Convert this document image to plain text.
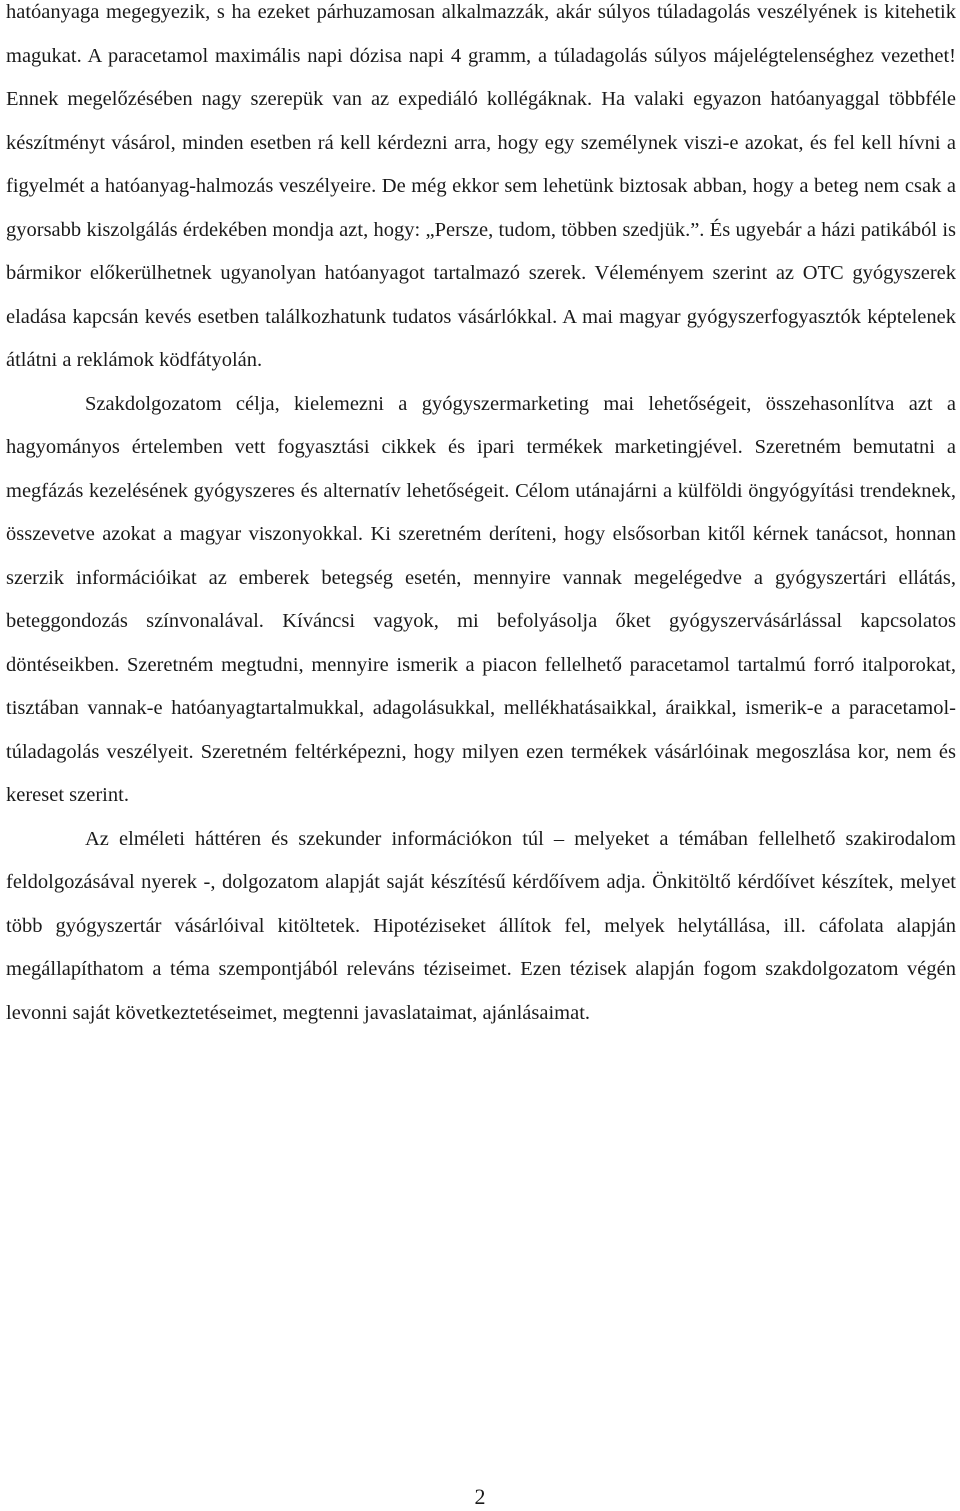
hatóanyaga megegyezik, s ha ezeket párhuzamosan alkalmazzák, akár súlyos túladagolás veszélyének is kitehetik magukat. A paracetamol maximális napi dózisa napi 4 gramm, a túladagolás súlyos májelégtelenséghez vezethet! Ennek megelőzésében nagy szerepük van az expediáló kollégáknak. Ha valaki egyazon hatóanyaggal többféle készítményt vásárol, minden esetben rá kell kérdezni arra, hogy egy személynek viszi-e azokat, és fel kell hívni a figyelmét a hatóanyag-halmozás veszélyeire. De még ekkor sem lehetünk biztosak abban, hogy a beteg nem csak a gyorsabb kiszolgálás érdekében mondja azt, hogy: „Persze, tudom, többen szedjük.”. És ugyebár a házi patikából is bármikor előkerülhetnek ugyanolyan hatóanyagot tartalmazó szerek. Véleményem szerint az OTC gyógyszerek eladása kapcsán kevés esetben találkozhatunk tudatos vásárlókkal. A mai magyar gyógyszerfogyasztók képtelenek átlátni a reklámok ködfátyolán.

Szakdolgozatom célja, kielemezni a gyógyszermarketing mai lehetőségeit, összehasonlítva azt a hagyományos értelemben vett fogyasztási cikkek és ipari termékek marketingjével. Szeretném bemutatni a megfázás kezelésének gyógyszeres és alternatív lehetőségeit. Célom utánajárni a külföldi öngyógyítási trendeknek, összevetve azokat a magyar viszonyokkal. Ki szeretném deríteni, hogy elsősorban kitől kérnek tanácsot, honnan szerzik információikat az emberek betegség esetén, mennyire vannak megelégedve a gyógyszertári ellátás, beteggondozás színvonalával. Kíváncsi vagyok, mi befolyásolja őket gyógyszervásárlással kapcsolatos döntéseikben. Szeretném megtudni, mennyire ismerik a piacon fellelhető paracetamol tartalmú forró italporokat, tisztában vannak-e hatóanyagtartalmukkal, adagolásukkal, mellékhatásaikkal, áraikkal, ismerik-e a paracetamol-túladagolás veszélyeit. Szeretném feltérképezni, hogy milyen ezen termékek vásárlóinak megoszlása kor, nem és kereset szerint.

Az elméleti háttéren és szekunder információkon túl – melyeket a témában fellelhető szakirodalom feldolgozásával nyerek -, dolgozatom alapját saját készítésű kérdőívem adja. Önkitöltő kérdőívet készítek, melyet több gyógyszertár vásárlóival kitöltetek. Hipotéziseket állítok fel, melyek helytállása, ill. cáfolata alapján megállapíthatom a téma szempontjából releváns téziseimet. Ezen tézisek alapján fogom szakdolgozatom végén levonni saját következtetéseimet, megtenni javaslataimat, ajánlásaimat.

2
